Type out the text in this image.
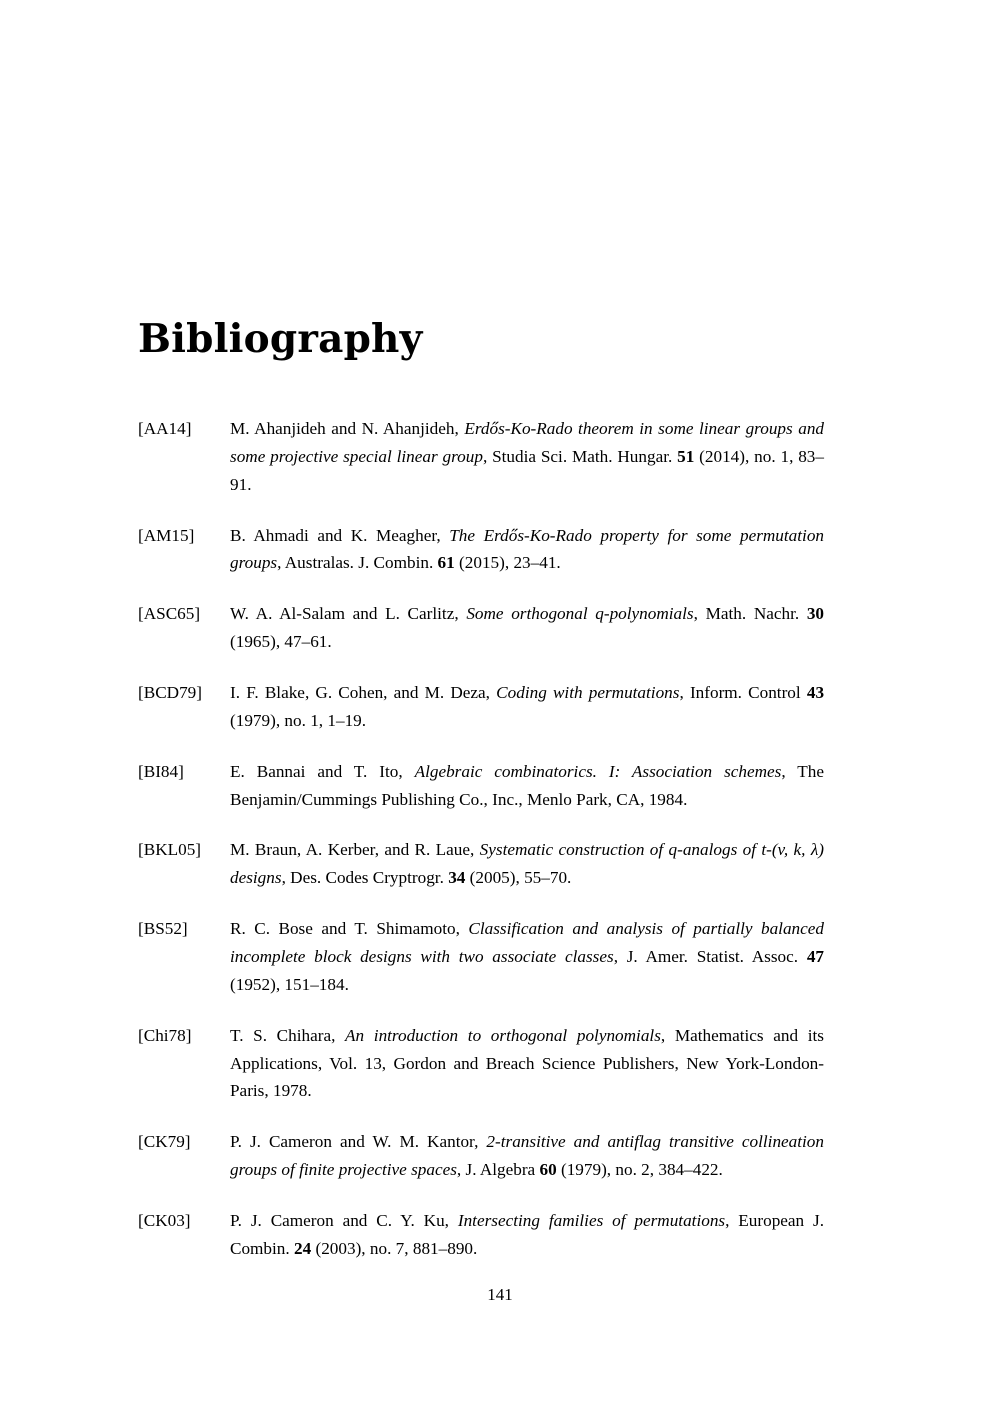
Bibliography
[AA14]	M. Ahanjideh and N. Ahanjideh, Erdős-Ko-Rado theorem in some linear groups and some projective special linear group, Studia Sci. Math. Hungar. 51 (2014), no. 1, 83–91.
[AM15]	B. Ahmadi and K. Meagher, The Erdős-Ko-Rado property for some permutation groups, Australas. J. Combin. 61 (2015), 23–41.
[ASC65]	W. A. Al-Salam and L. Carlitz, Some orthogonal q-polynomials, Math. Nachr. 30 (1965), 47–61.
[BCD79]	I. F. Blake, G. Cohen, and M. Deza, Coding with permutations, Inform. Control 43 (1979), no. 1, 1–19.
[BI84]	E. Bannai and T. Ito, Algebraic combinatorics. I: Association schemes, The Benjamin/Cummings Publishing Co., Inc., Menlo Park, CA, 1984.
[BKL05]	M. Braun, A. Kerber, and R. Laue, Systematic construction of q-analogs of t-(v, k, λ) designs, Des. Codes Cryptrogr. 34 (2005), 55–70.
[BS52]	R. C. Bose and T. Shimamoto, Classification and analysis of partially balanced incomplete block designs with two associate classes, J. Amer. Statist. Assoc. 47 (1952), 151–184.
[Chi78]	T. S. Chihara, An introduction to orthogonal polynomials, Mathematics and its Applications, Vol. 13, Gordon and Breach Science Publishers, New York-London-Paris, 1978.
[CK79]	P. J. Cameron and W. M. Kantor, 2-transitive and antiflag transitive collineation groups of finite projective spaces, J. Algebra 60 (1979), no. 2, 384–422.
[CK03]	P. J. Cameron and C. Y. Ku, Intersecting families of permutations, European J. Combin. 24 (2003), no. 7, 881–890.
141
